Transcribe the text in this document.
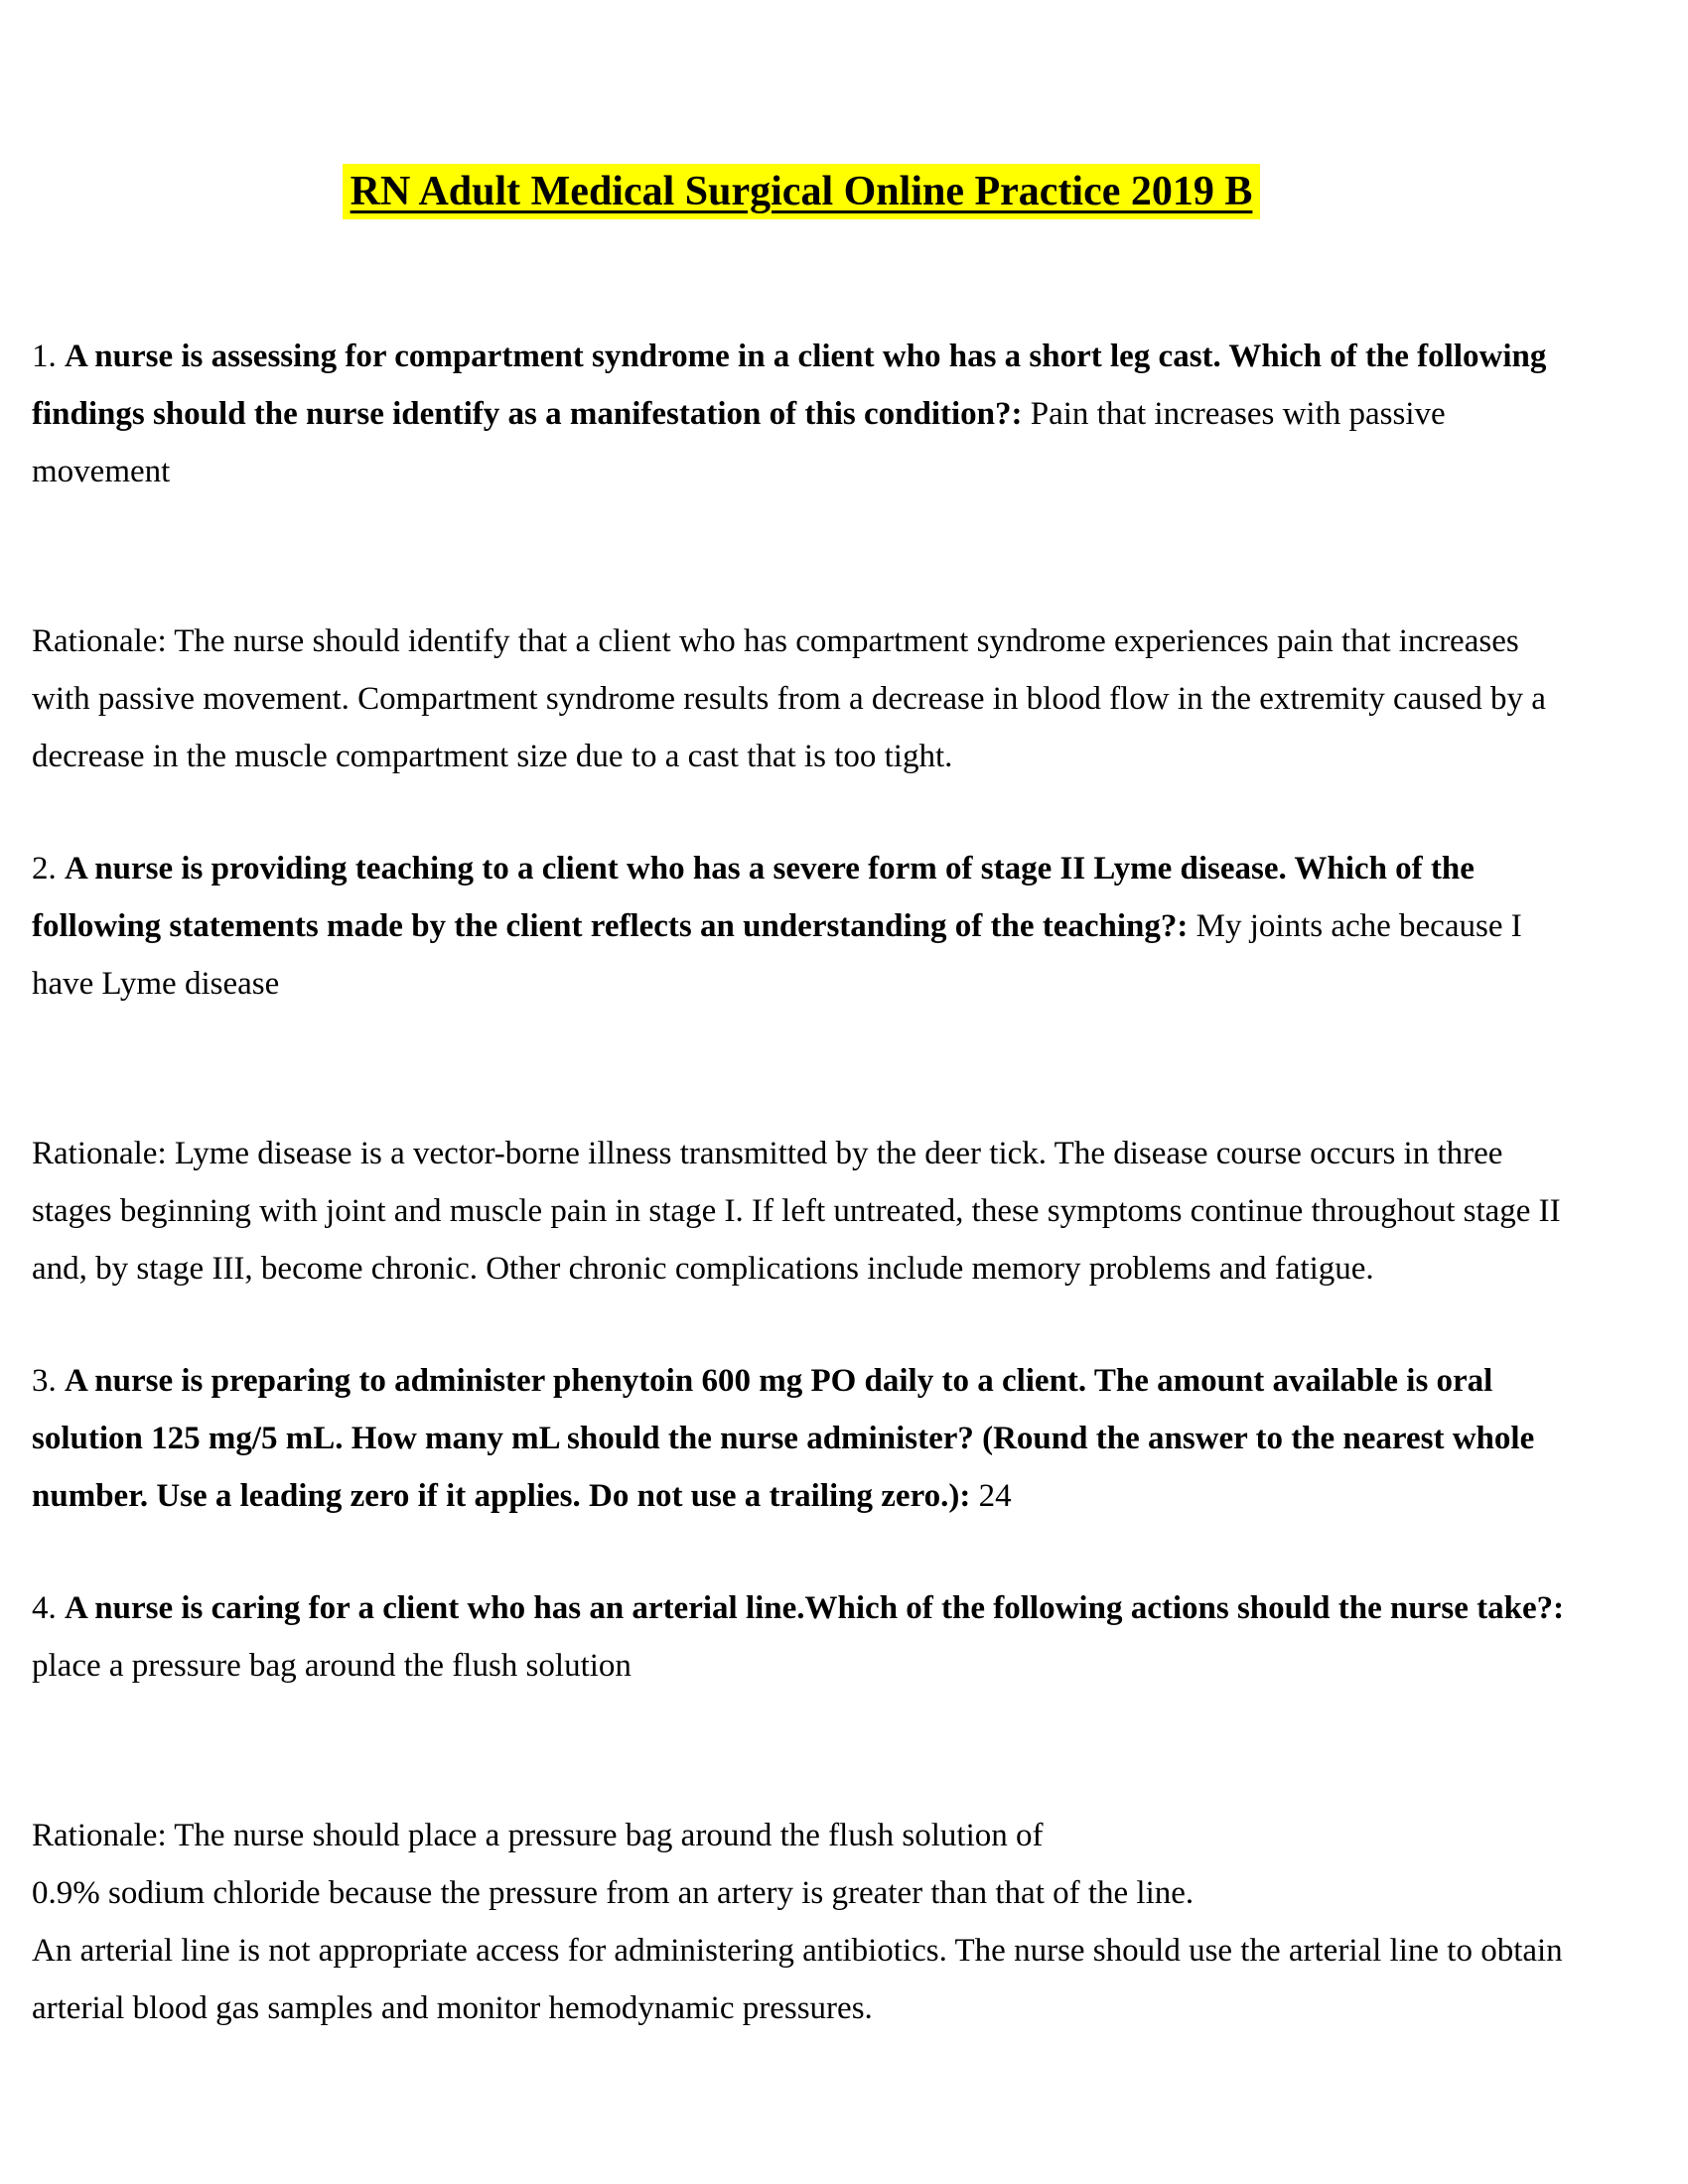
RN Adult Medical Surgical Online Practice 2019 B

1. A nurse is assessing for compartment syndrome in a client who has a short leg cast. Which of the following findings should the nurse identify as a manifestation of this condition?: Pain that increases with passive movement

Rationale: The nurse should identify that a client who has compartment syndrome experiences pain that increases with passive movement. Compartment syndrome results from a decrease in blood flow in the extremity caused by a decrease in the muscle compartment size due to a cast that is too tight.

2. A nurse is providing teaching to a client who has a severe form of stage II Lyme disease. Which of the following statements made by the client reflects an understanding of the teaching?: My joints ache because I have Lyme disease

Rationale: Lyme disease is a vector-borne illness transmitted by the deer tick. The disease course occurs in three stages beginning with joint and muscle pain in stage I. If left untreated, these symptoms continue throughout stage II and, by stage III, become chronic. Other chronic complications include memory problems and fatigue.

3. A nurse is preparing to administer phenytoin 600 mg PO daily to a client. The amount available is oral solution 125 mg/5 mL. How many mL should the nurse administer? (Round the answer to the nearest whole number. Use a leading zero if it applies. Do not use a trailing zero.): 24

4. A nurse is caring for a client who has an arterial line.Which of the following actions should the nurse take?: place a pressure bag around the flush solution

Rationale: The nurse should place a pressure bag around the flush solution of
0.9% sodium chloride because the pressure from an artery is greater than that of the line.
An arterial line is not appropriate access for administering antibiotics. The nurse should use the arterial line to obtain arterial blood gas samples and monitor hemodynamic pressures.
